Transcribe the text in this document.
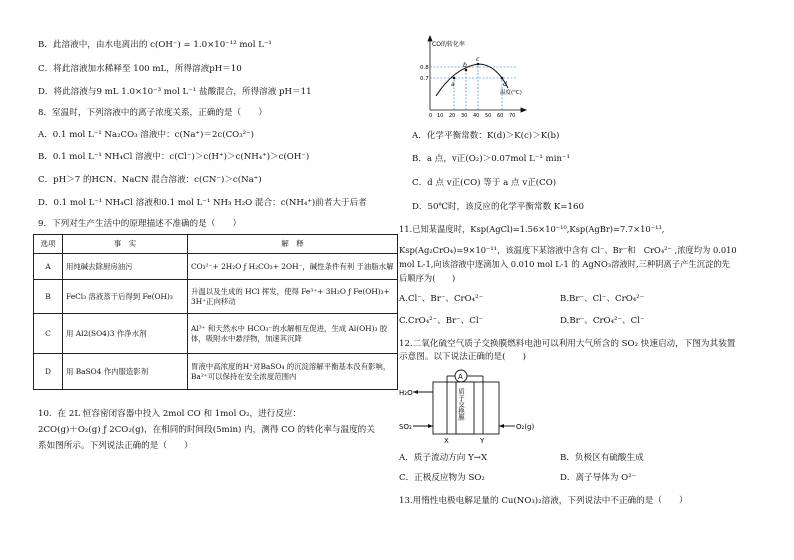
B．此溶液中，由水电离出的 c(OH⁻) = 1.0×10⁻¹² mol L⁻¹
C．将此溶液加水稀释至 100 mL，所得溶液pH＝10
D．将此溶液与9 mL 1.0×10⁻³ mol L⁻¹ 盐酸混合，所得溶液 pH＝11
8．室温时，下列溶液中的离子浓度关系，正确的是（　　）
A．0.1 mol L⁻¹ Na₂CO₃ 溶液中：c(Na⁺)＝2c(CO₃²⁻)
B．0.1 mol L⁻¹ NH₄Cl 溶液中：c(Cl⁻)＞c(H⁺)＞c(NH₄⁺)＞c(OH⁻)
C．pH＞7 的HCN、NaCN 混合溶液：c(CN⁻)＞c(Na⁺)
D．0.1 mol L⁻¹ NH₄Cl 溶液和0.1 mol L⁻¹ NH₃ H₂O 混合：c(NH₄⁺)前者大于后者
9．下列对生产生活中的原理描述不准确的是（　　）
选项	事　实	解　释
A	用纯碱去除厨房油污	CO₃²⁻+ 2H₂O ƒ H₂CO₃+ 2OH⁻，碱性条件有利 于油脂水解
B	FeCl₃ 溶液蒸干后得到 Fe(OH)₃	升温以及生成的 HCl 挥发，使得 Fe³⁺+ 3H₂O ƒ Fe(OH)₃+ 3H⁺正向移动
C	用 Al2(SO4)3 作净水剂	Al³⁺ 和天然水中 HCO₃⁻的水解相互促进，生成 Al(OH)₃ 胶体，吸附水中悬浮物，加速其沉降
D	用 BaSO4 作内服造影剂	胃液中高浓度的H⁺对BaSO₄ 的沉淀溶解平衡基本没有影响，Ba²⁺可以保持在安全浓度范围内
10．在 2L 恒容密闭容器中投入 2mol CO 和 1mol O₂，进行反应：
2CO(g)＋O₂(g) ƒ 2CO₂(g)，在相同的时间段(5min) 内，测得 CO 的转化率与温度的关
系如图所示。下列说法正确的是（　　）
CO的转化率
0.8
0.7
0 10 20 30 40 50 60 70
温度(°C)
a
b
c
d
A．化学平衡常数：K(d)＞K(c)＞K(b)
B．a 点，v正(O₂)＞0.07mol L⁻¹ min⁻¹
C．d 点 v正(CO) 等于 a 点 v正(CO)
D．50℃时，该反应的化学平衡常数 K=160
11.已知某温度时，Ksp(AgCl)=1.56×10⁻¹⁰,Ksp(AgBr)=7.7×10⁻¹³,
Ksp(Ag₂CrO₄)=9×10⁻¹¹，该温度下某溶液中含有 Cl⁻、Br⁻和　CrO₄²⁻ ,浓度均为 0.010
mol L-1,向该溶液中逐滴加入 0.010 mol L-1 的 AgNO₃溶液时,三种阴离子产生沉淀的先
后顺序为(　　)
A.Cl⁻、Br⁻、CrO₄²⁻	B.Br⁻、Cl⁻、CrO₄²⁻
C.CrO₄²⁻、Br⁻、Cl⁻	D.Br⁻、CrO₄²⁻、Cl⁻
12.二氧化硫空气质子交换膜燃料电池可以利用大气所含的 SO₂ 快速启动，下图为其装置
示意图。以下说法正确的是(　　)
A
H₂O
SO₂	O₂(g)
X	Y
质子交换膜
A．质子流动方向 Y→X	B．负极区有硫酸生成
C．正极反应物为 SO₂	D．离子导体为 O²⁻
13.用惰性电极电解足量的 Cu(NO₃)₂溶液，下列说法中不正确的是（　　）
